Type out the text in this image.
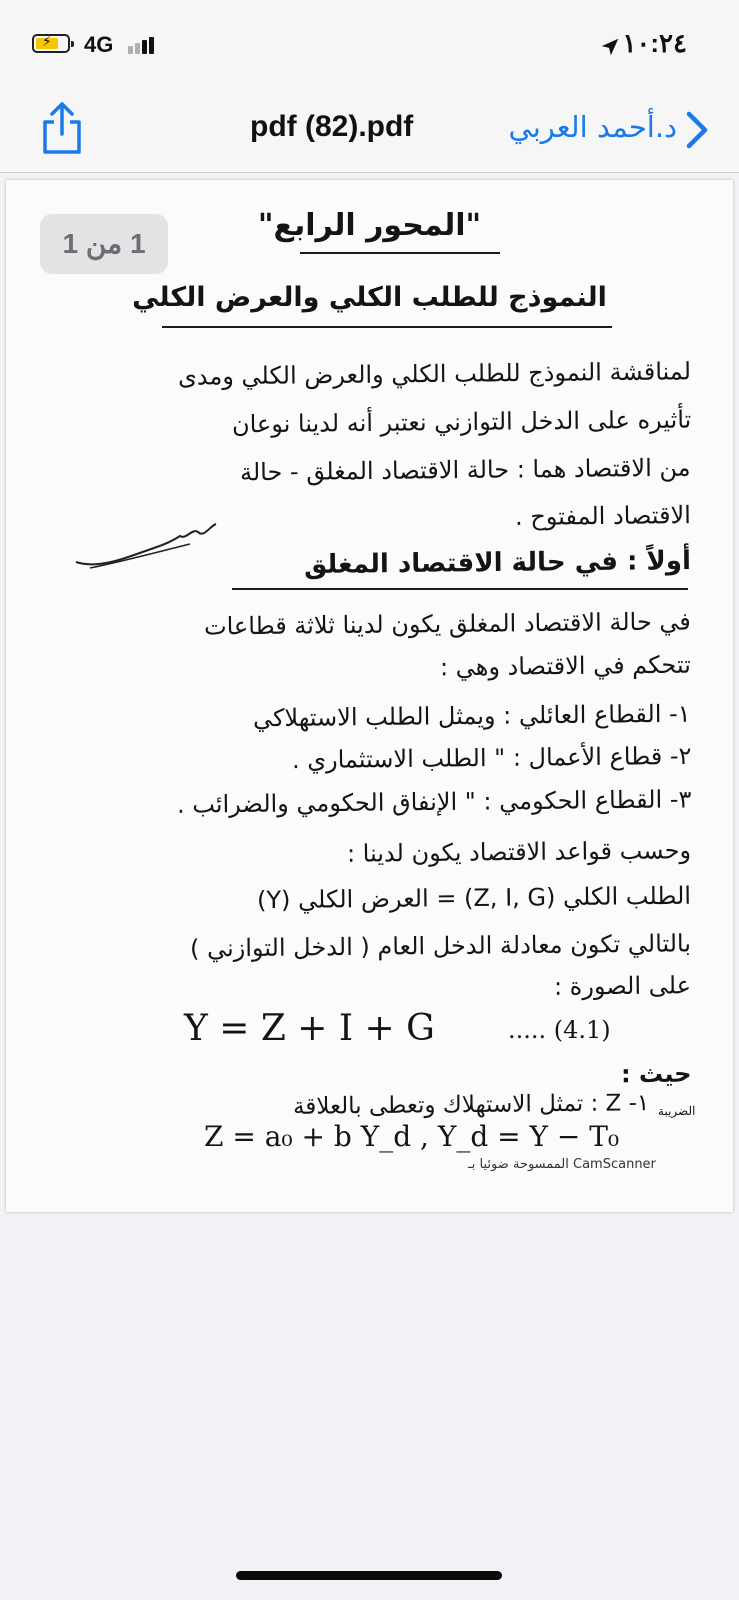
⚡ 4G	١٠:٢٤
pdf (82).pdf	د.أحمد العربي
"المحور الرابع"
النموذج للطلب الكلي والعرض الكلي
لمناقشة النموذج للطلب الكلي والعرض الكلي ومدى
تأثيره على الدخل التوازني نعتبر أنه لدينا نوعان
من الاقتصاد هما : حالة الاقتصاد المغلق - حالة
الاقتصاد المفتوح .
أولاً : في حالة الاقتصاد المغلق
في حالة الاقتصاد المغلق يكون لدينا ثلاثة قطاعات
تتحكم في الاقتصاد وهي :
١- القطاع العائلي : ويمثل الطلب الاستهلاكي
٢- قطاع الأعمال : " الطلب الاستثماري .
٣- القطاع الحكومي : " الإنفاق الحكومي والضرائب .
وحسب قواعد الاقتصاد يكون لدينا :
الطلب الكلي (Z, I, G) = العرض الكلي (Y)
بالتالي تكون معادلة الدخل العام ( الدخل التوازني )
على الصورة :
Y = Z + I + G	..... (4.1)
حيث :
١- Z : تمثل الاستهلاك وتعطى بالعلاقة الضريبة
Z = a₀ + b Y_d , Y_d = Y − T₀
الممسوحة ضوئيا بـ CamScanner
1 من 1
